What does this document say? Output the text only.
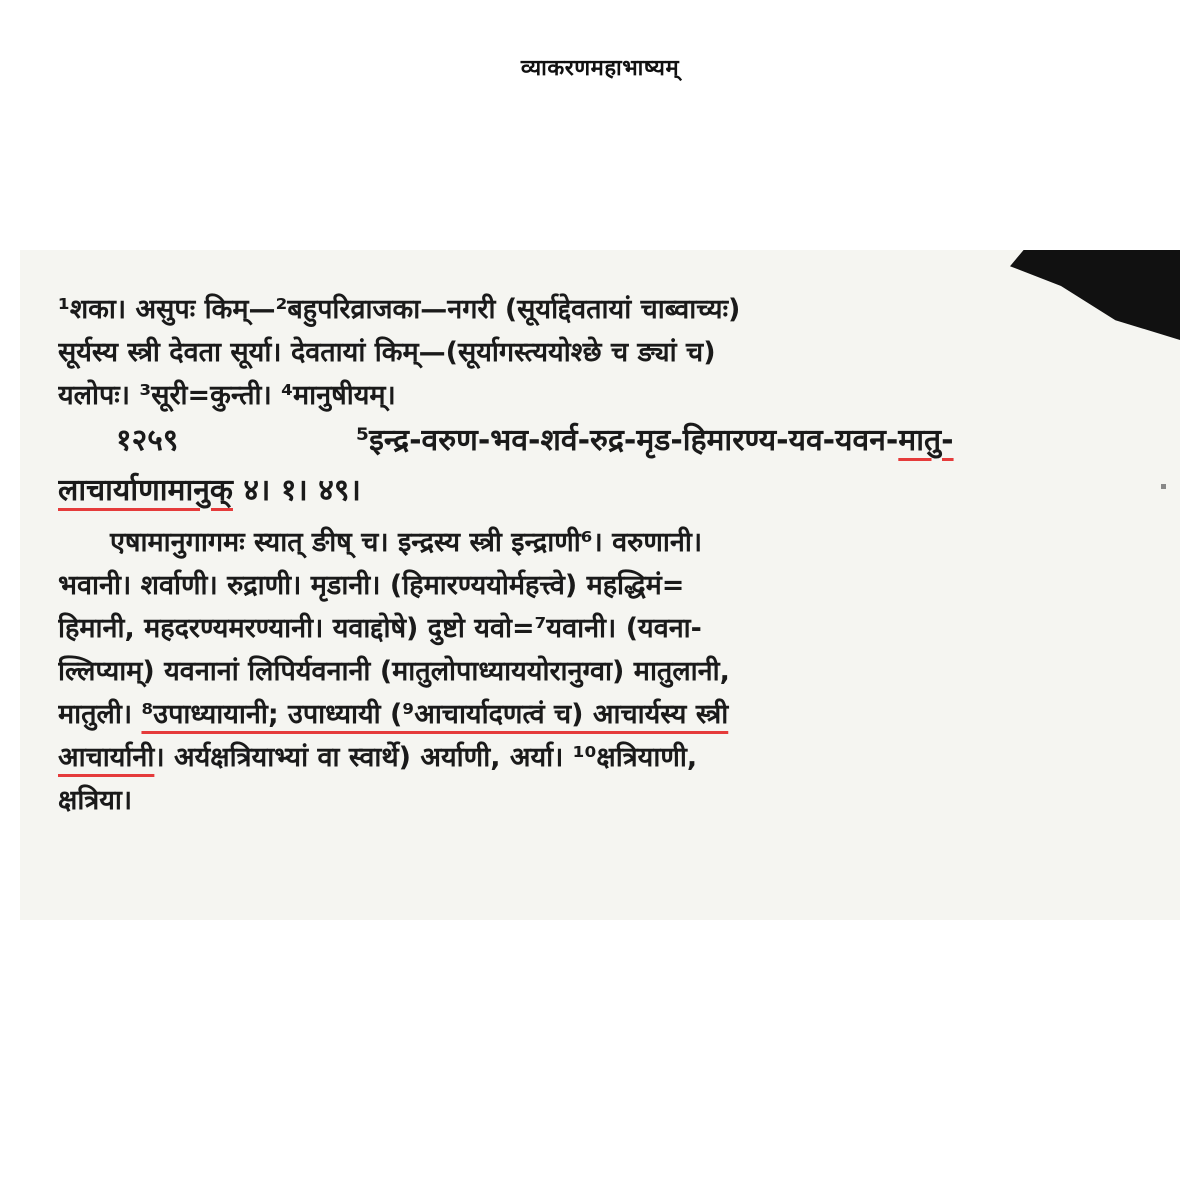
व्याकरणमहाभाष्यम्
¹शका। असुपः किम्—²बहुपरिव्राजका—नगरी (सूर्याद्देवतायां चाब्वाच्यः)
सूर्यस्य स्त्री देवता सूर्या। देवतायां किम्—(सूर्यागस्त्ययोश्छे च ङ्यां च)
यलोपः। ³सूरी=कुन्ती। ⁴मानुषीयम्।
१२५९	⁵इन्द्र-वरुण-भव-शर्व-रुद्र-मृड-हिमारण्य-यव-यवन-मातु-
लाचार्याणामानुक् ४। १। ४९।
एषामानुगागमः स्यात् ङीष् च। इन्द्रस्य स्त्री इन्द्राणी⁶। वरुणानी।
भवानी। शर्वाणी। रुद्राणी। मृडानी। (हिमारण्ययोर्महत्त्वे) महद्धिमं=
हिमानी, महदरण्यमरण्यानी। यवाद्दोषे) दुष्टो यवो=⁷यवानी। (यवना-
ल्लिप्याम्) यवनानां लिपिर्यवनानी (मातुलोपाध्याययोरानुग्वा) मातुलानी,
मातुली। ⁸उपाध्यायानी; उपाध्यायी (⁹आचार्यादणत्वं च) आचार्यस्य स्त्री
आचार्यानी। अर्यक्षत्रियाभ्यां वा स्वार्थे) अर्याणी, अर्या। ¹⁰क्षत्रियाणी,
क्षत्रिया।
